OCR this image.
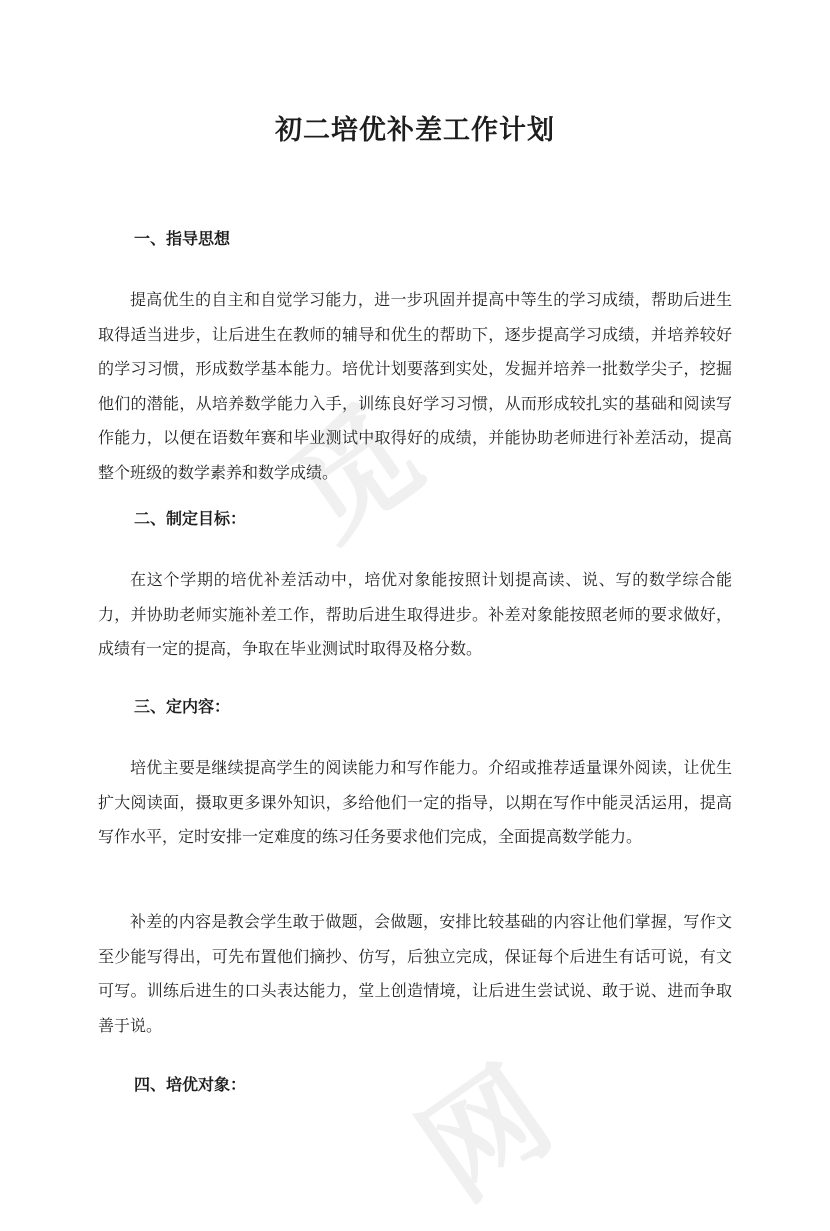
觅
网
初二培优补差工作计划
一、指导思想

提高优生的自主和自觉学习能力，进一步巩固并提高中等生的学习成绩，帮助后进生取得适当进步，让后进生在教师的辅导和优生的帮助下，逐步提高学习成绩，并培养较好的学习习惯，形成数学基本能力。培优计划要落到实处，发掘并培养一批数学尖子，挖掘他们的潜能，从培养数学能力入手，训练良好学习习惯，从而形成较扎实的基础和阅读写作能力，以便在语数年赛和毕业测试中取得好的成绩，并能协助老师进行补差活动，提高整个班级的数学素养和数学成绩。

二、制定目标：

在这个学期的培优补差活动中，培优对象能按照计划提高读、说、写的数学综合能力，并协助老师实施补差工作，帮助后进生取得进步。补差对象能按照老师的要求做好，成绩有一定的提高，争取在毕业测试时取得及格分数。

三、定内容：

培优主要是继续提高学生的阅读能力和写作能力。介绍或推荐适量课外阅读，让优生扩大阅读面，摄取更多课外知识，多给他们一定的指导，以期在写作中能灵活运用，提高写作水平，定时安排一定难度的练习任务要求他们完成，全面提高数学能力。

补差的内容是教会学生敢于做题，会做题，安排比较基础的内容让他们掌握，写作文至少能写得出，可先布置他们摘抄、仿写，后独立完成，保证每个后进生有话可说，有文可写。训练后进生的口头表达能力，堂上创造情境，让后进生尝试说、敢于说、进而争取善于说。

四、培优对象：
